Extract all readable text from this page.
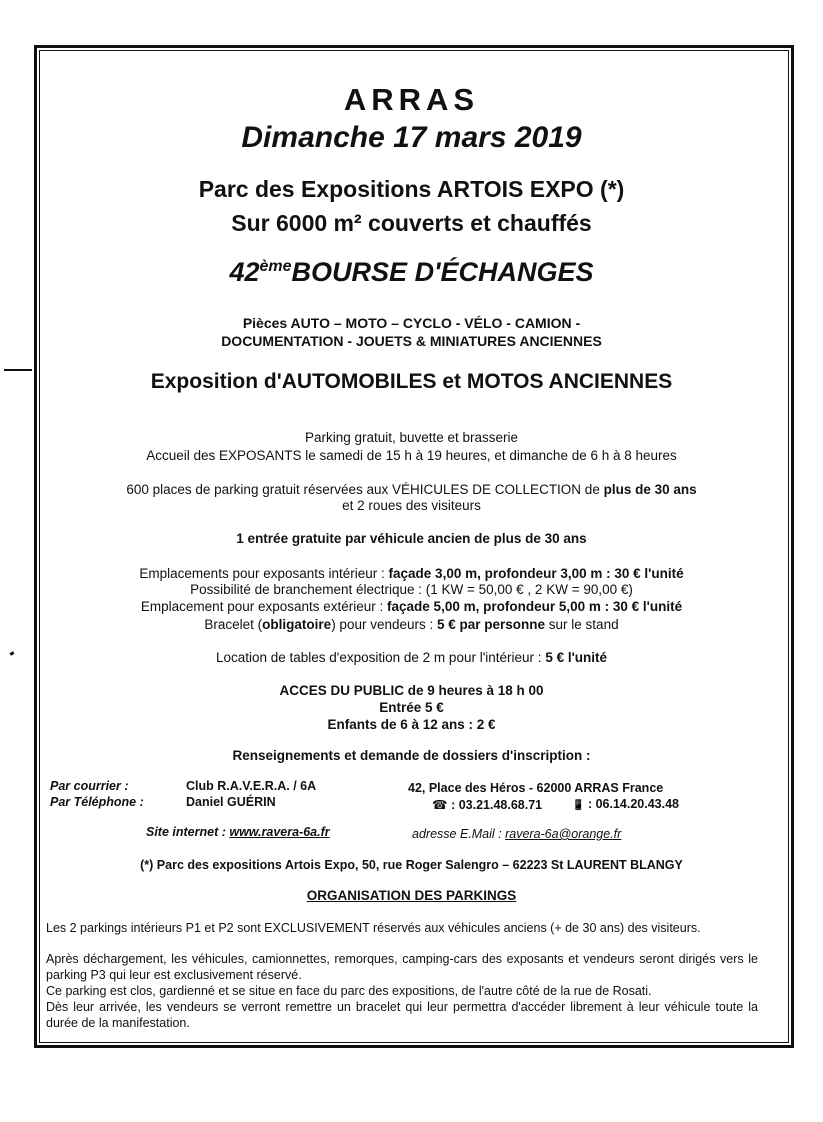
ARRAS
Dimanche 17 mars 2019
Parc des Expositions ARTOIS EXPO (*)
Sur 6000 m² couverts et chauffés
42èmeBOURSE D'ÉCHANGES
Pièces AUTO – MOTO – CYCLO - VÉLO - CAMION -
DOCUMENTATION - JOUETS & MINIATURES ANCIENNES
Exposition d'AUTOMOBILES et MOTOS ANCIENNES
Parking gratuit, buvette et brasserie
Accueil des EXPOSANTS le samedi de 15 h à 19 heures, et dimanche de 6 h à 8 heures
600 places de parking gratuit réservées aux VÉHICULES DE COLLECTION de plus de 30 ans
et 2 roues des visiteurs
1 entrée gratuite par véhicule ancien de plus de 30 ans
Emplacements pour exposants intérieur : façade 3,00 m, profondeur 3,00 m : 30 € l'unité
Possibilité de branchement électrique : (1 KW = 50,00 € , 2 KW = 90,00 €)
Emplacement pour exposants extérieur : façade 5,00 m, profondeur 5,00 m : 30 € l'unité
Bracelet (obligatoire) pour vendeurs : 5 € par personne sur le stand
Location de tables d'exposition de 2 m pour l'intérieur : 5 € l'unité
ACCES DU PUBLIC de 9 heures à 18 h 00
Entrée 5 €
Enfants de 6 à 12 ans : 2 €
Renseignements et demande de dossiers d'inscription :
Par courrier :
Par Téléphone :
Club R.A.V.E.R.A. / 6A
Daniel GUÉRIN
42, Place des Héros - 62000 ARRAS France
☎ : 03.21.48.68.71	📱 : 06.14.20.43.48
Site internet : www.ravera-6a.fr	adresse E.Mail : ravera-6a@orange.fr
(*) Parc des expositions Artois Expo, 50, rue Roger Salengro – 62223 St LAURENT BLANGY
ORGANISATION DES PARKINGS
Les 2 parkings intérieurs P1 et P2 sont EXCLUSIVEMENT réservés aux véhicules anciens (+ de 30 ans) des visiteurs.
Après déchargement, les véhicules, camionnettes, remorques, camping-cars des exposants et vendeurs seront dirigés vers le parking P3 qui leur est exclusivement réservé.
Ce parking est clos, gardienné et se situe en face du parc des expositions, de l'autre côté de la rue de Rosati.
Dès leur arrivée, les vendeurs se verront remettre un bracelet qui leur permettra d'accéder librement à leur véhicule toute la durée de la manifestation.
